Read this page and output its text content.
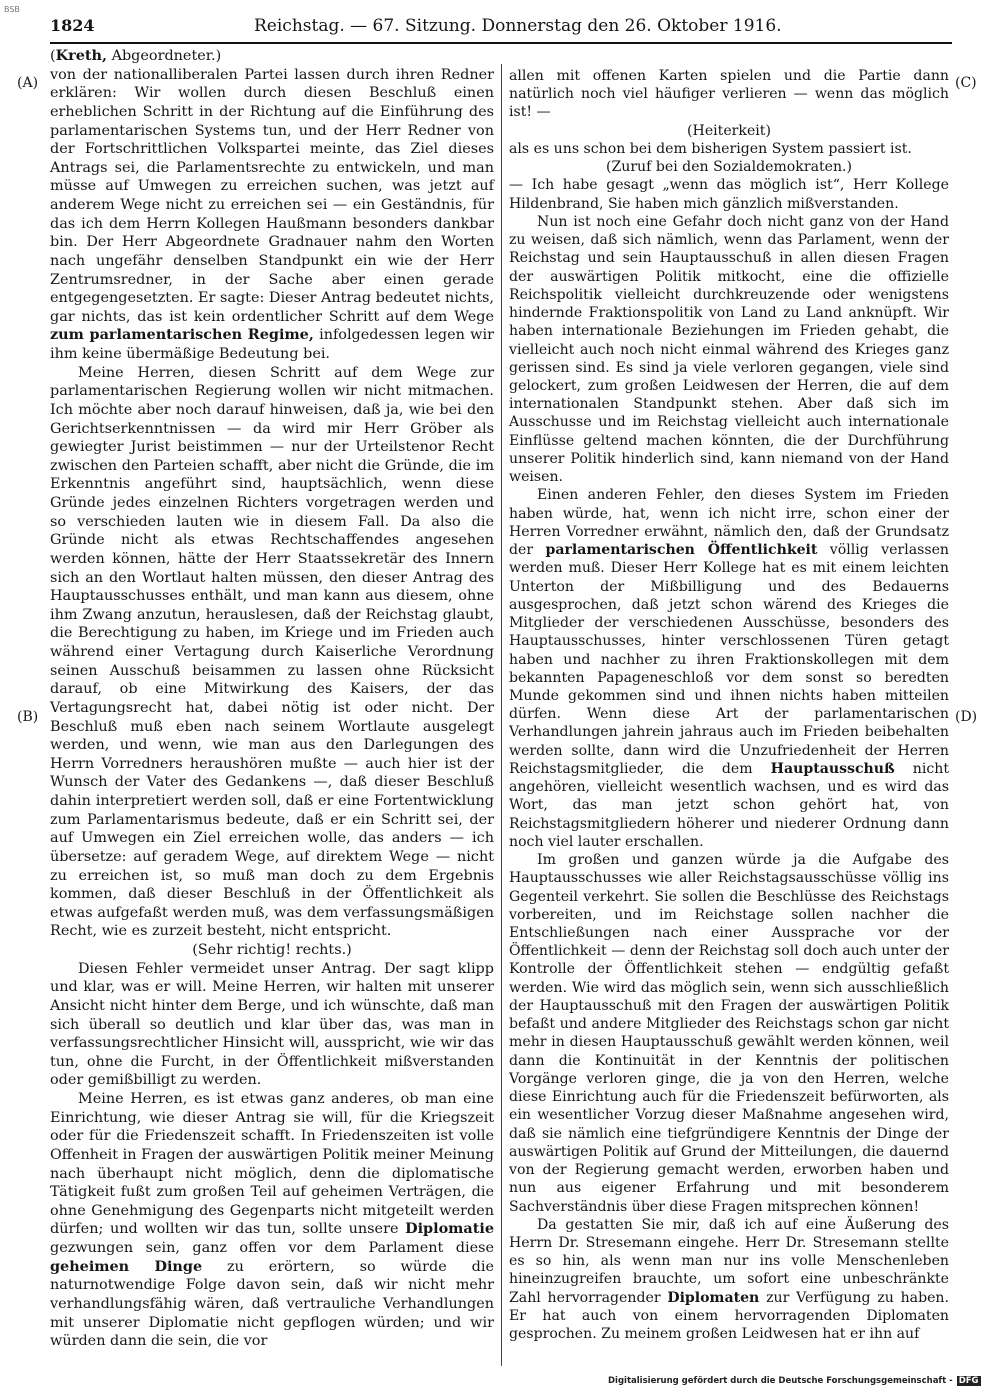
BSB
1824	Reichstag. — 67. Sitzung. Donnerstag den 26. Oktober 1916.
(A)
(B)
(C)
(D)
(Kreth, Abgeordneter.)

von der nationalliberalen Partei lassen durch ihren Redner erklären: Wir wollen durch diesen Beschluß einen erheblichen Schritt in der Richtung auf die Einführung des parlamentarischen Systems tun, und der Herr Redner von der Fortschrittlichen Volkspartei meinte, das Ziel dieses Antrags sei, die Parlamentsrechte zu entwickeln, und man müsse auf Umwegen zu erreichen suchen, was jetzt auf anderem Wege nicht zu erreichen sei — ein Geständnis, für das ich dem Herrn Kollegen Haußmann besonders dankbar bin. Der Herr Abgeordnete Gradnauer nahm den Worten nach ungefähr denselben Standpunkt ein wie der Herr Zentrumsredner, in der Sache aber einen gerade entgegengesetzten. Er sagte: Dieser Antrag bedeutet nichts, gar nichts, das ist kein ordentlicher Schritt auf dem Wege zum parlamentarischen Regime, infolgedessen legen wir ihm keine übermäßige Bedeutung bei.

Meine Herren, diesen Schritt auf dem Wege zur parlamentarischen Regierung wollen wir nicht mitmachen. Ich möchte aber noch darauf hinweisen, daß ja, wie bei den Gerichtserkenntnissen — da wird mir Herr Gröber als gewiegter Jurist beistimmen — nur der Urteilstenor Recht zwischen den Parteien schafft, aber nicht die Gründe, die im Erkenntnis angeführt sind, hauptsächlich, wenn diese Gründe jedes einzelnen Richters vorgetragen werden und so verschieden lauten wie in diesem Fall. Da also die Gründe nicht als etwas Rechtschaffendes angesehen werden können, hätte der Herr Staatssekretär des Innern sich an den Wortlaut halten müssen, den dieser Antrag des Hauptausschusses enthält, und man kann aus diesem, ohne ihm Zwang anzutun, herauslesen, daß der Reichstag glaubt, die Berechtigung zu haben, im Kriege und im Frieden auch während einer Vertagung durch Kaiserliche Verordnung seinen Ausschuß beisammen zu lassen ohne Rücksicht darauf, ob eine Mitwirkung des Kaisers, der das Vertagungsrecht hat, dabei nötig ist oder nicht. Der Beschluß muß eben nach seinem Wortlaute ausgelegt werden, und wenn, wie man aus den Darlegungen des Herrn Vorredners heraushören mußte — auch hier ist der Wunsch der Vater des Gedankens —, daß dieser Beschluß dahin interpretiert werden soll, daß er eine Fortentwicklung zum Parlamentarismus bedeute, daß er ein Schritt sei, der auf Umwegen ein Ziel erreichen wolle, das anders — ich übersetze: auf geradem Wege, auf direktem Wege — nicht zu erreichen ist, so muß man doch zu dem Ergebnis kommen, daß dieser Beschluß in der Öffentlichkeit als etwas aufgefaßt werden muß, was dem verfassungsmäßigen Recht, wie es zurzeit besteht, nicht entspricht.

(Sehr richtig! rechts.)

Diesen Fehler vermeidet unser Antrag. Der sagt klipp und klar, was er will. Meine Herren, wir halten mit unserer Ansicht nicht hinter dem Berge, und ich wünschte, daß man sich überall so deutlich und klar über das, was man in verfassungsrechtlicher Hinsicht will, ausspricht, wie wir das tun, ohne die Furcht, in der Öffentlichkeit mißverstanden oder gemißbilligt zu werden.

Meine Herren, es ist etwas ganz anderes, ob man eine Einrichtung, wie dieser Antrag sie will, für die Kriegszeit oder für die Friedenszeit schafft. In Friedenszeiten ist volle Offenheit in Fragen der auswärtigen Politik meiner Meinung nach überhaupt nicht möglich, denn die diplomatische Tätigkeit fußt zum großen Teil auf geheimen Verträgen, die ohne Genehmigung des Gegenparts nicht mitgeteilt werden dürfen; und wollten wir das tun, sollte unsere Diplomatie gezwungen sein, ganz offen vor dem Parlament diese geheimen Dinge zu erörtern, so würde die naturnotwendige Folge davon sein, daß wir nicht mehr verhandlungsfähig wären, daß vertrauliche Verhandlungen mit unserer Diplomatie nicht gepflogen würden; und wir würden dann die sein, die vor

allen mit offenen Karten spielen und die Partie dann natürlich noch viel häufiger verlieren — wenn das möglich ist! —

(Heiterkeit)

als es uns schon bei dem bisherigen System passiert ist.

(Zuruf bei den Sozialdemokraten.)

— Ich habe gesagt „wenn das möglich ist“, Herr Kollege Hildenbrand, Sie haben mich gänzlich mißverstanden.

Nun ist noch eine Gefahr doch nicht ganz von der Hand zu weisen, daß sich nämlich, wenn das Parlament, wenn der Reichstag und sein Hauptausschuß in allen diesen Fragen der auswärtigen Politik mitkocht, eine die offizielle Reichspolitik vielleicht durchkreuzende oder wenigstens hindernde Fraktionspolitik von Land zu Land anknüpft. Wir haben internationale Beziehungen im Frieden gehabt, die vielleicht auch noch nicht einmal während des Krieges ganz gerissen sind. Es sind ja viele verloren gegangen, viele sind gelockert, zum großen Leidwesen der Herren, die auf dem internationalen Standpunkt stehen. Aber daß sich im Ausschusse und im Reichstag vielleicht auch internationale Einflüsse geltend machen könnten, die der Durchführung unserer Politik hinderlich sind, kann niemand von der Hand weisen.

Einen anderen Fehler, den dieses System im Frieden haben würde, hat, wenn ich nicht irre, schon einer der Herren Vorredner erwähnt, nämlich den, daß der Grundsatz der parlamentarischen Öffentlichkeit völlig verlassen werden muß. Dieser Herr Kollege hat es mit einem leichten Unterton der Mißbilligung und des Bedauerns ausgesprochen, daß jetzt schon wärend des Krieges die Mitglieder der verschiedenen Ausschüsse, besonders des Hauptausschusses, hinter verschlossenen Türen getagt haben und nachher zu ihren Fraktionskollegen mit dem bekannten Papageneschloß vor dem sonst so beredten Munde gekommen sind und ihnen nichts haben mitteilen dürfen. Wenn diese Art der parlamentarischen Verhandlungen jahrein jahraus auch im Frieden beibehalten werden sollte, dann wird die Unzufriedenheit der Herren Reichstagsmitglieder, die dem Hauptausschuß nicht angehören, vielleicht wesentlich wachsen, und es wird das Wort, das man jetzt schon gehört hat, von Reichstagsmitgliedern höherer und niederer Ordnung dann noch viel lauter erschallen.

Im großen und ganzen würde ja die Aufgabe des Hauptausschusses wie aller Reichstagsausschüsse völlig ins Gegenteil verkehrt. Sie sollen die Beschlüsse des Reichstags vorbereiten, und im Reichstage sollen nachher die Entschließungen nach einer Aussprache vor der Öffentlichkeit — denn der Reichstag soll doch auch unter der Kontrolle der Öffentlichkeit stehen — endgültig gefaßt werden. Wie wird das möglich sein, wenn sich ausschließlich der Hauptausschuß mit den Fragen der auswärtigen Politik befaßt und andere Mitglieder des Reichstags schon gar nicht mehr in diesen Hauptausschuß gewählt werden können, weil dann die Kontinuität in der Kenntnis der politischen Vorgänge verloren ginge, die ja von den Herren, welche diese Einrichtung auch für die Friedenszeit befürworten, als ein wesentlicher Vorzug dieser Maßnahme angesehen wird, daß sie nämlich eine tiefgründigere Kenntnis der Dinge der auswärtigen Politik auf Grund der Mitteilungen, die dauernd von der Regierung gemacht werden, erworben haben und nun aus eigener Erfahrung und mit besonderem Sachverständnis über diese Fragen mitsprechen können!

Da gestatten Sie mir, daß ich auf eine Äußerung des Herrn Dr. Stresemann eingehe. Herr Dr. Stresemann stellte es so hin, als wenn man nur ins volle Menschenleben hineinzugreifen brauchte, um sofort eine unbeschränkte Zahl hervorragender Diplomaten zur Verfügung zu haben. Er hat auch von einem hervorragenden Diplomaten gesprochen. Zu meinem großen Leidwesen hat er ihn auf

Digitalisierung gefördert durch die Deutsche Forschungsgemeinschaft - DFG
